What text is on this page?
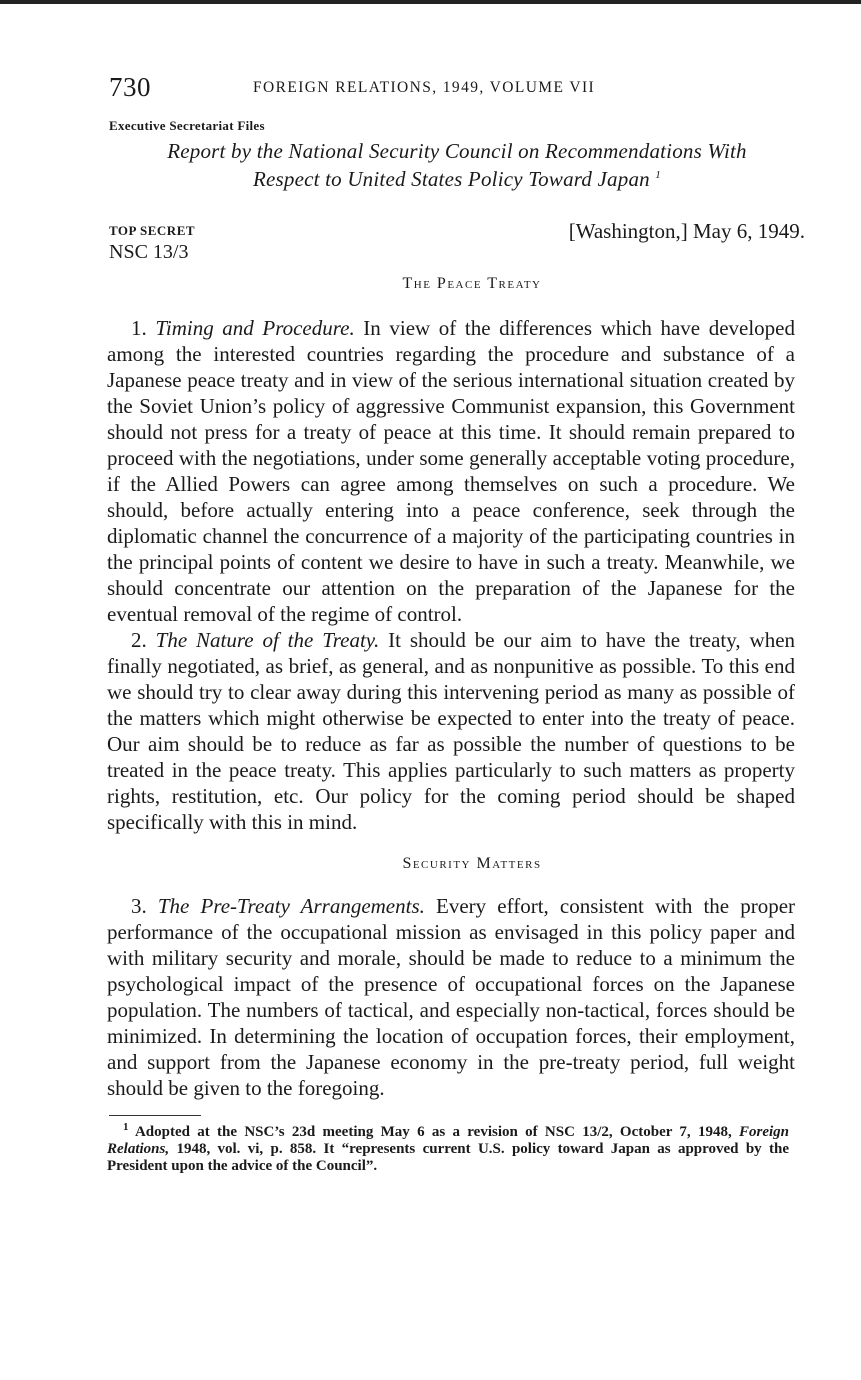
730	FOREIGN RELATIONS, 1949, VOLUME VII
Executive Secretariat Files
Report by the National Security Council on Recommendations With
Respect to United States Policy Toward Japan $^1$
TOP SECRET
NSC 13/3
[Washington,] May 6, 1949.
The Peace Treaty

1. Timing and Procedure. In view of the differences which have developed among the interested countries regarding the procedure and substance of a Japanese peace treaty and in view of the serious international situation created by the Soviet Union’s policy of aggressive Communist expansion, this Government should not press for a treaty of peace at this time. It should remain prepared to proceed with the negotiations, under some generally acceptable voting procedure, if the Allied Powers can agree among themselves on such a procedure. We should, before actually entering into a peace conference, seek through the diplomatic channel the concurrence of a majority of the participating countries in the principal points of content we desire to have in such a treaty. Meanwhile, we should concentrate our attention on the preparation of the Japanese for the eventual removal of the regime of control.

2. The Nature of the Treaty. It should be our aim to have the treaty, when finally negotiated, as brief, as general, and as nonpunitive as possible. To this end we should try to clear away during this intervening period as many as possible of the matters which might otherwise be expected to enter into the treaty of peace. Our aim should be to reduce as far as possible the number of questions to be treated in the peace treaty. This applies particularly to such matters as property rights, restitution, etc. Our policy for the coming period should be shaped specifically with this in mind.

Security Matters

3. The Pre-Treaty Arrangements. Every effort, consistent with the proper performance of the occupational mission as envisaged in this policy paper and with military security and morale, should be made to reduce to a minimum the psychological impact of the presence of occupational forces on the Japanese population. The numbers of tactical, and especially non-tactical, forces should be minimized. In determining the location of occupation forces, their employment, and support from the Japanese economy in the pre-treaty period, full weight should be given to the foregoing.

$^1$ Adopted at the NSC’s 23d meeting May 6 as a revision of NSC 13/2, October 7, 1948, Foreign Relations, 1948, vol. vi, p. 858. It “represents current U.S. policy toward Japan as approved by the President upon the advice of the Council”.
